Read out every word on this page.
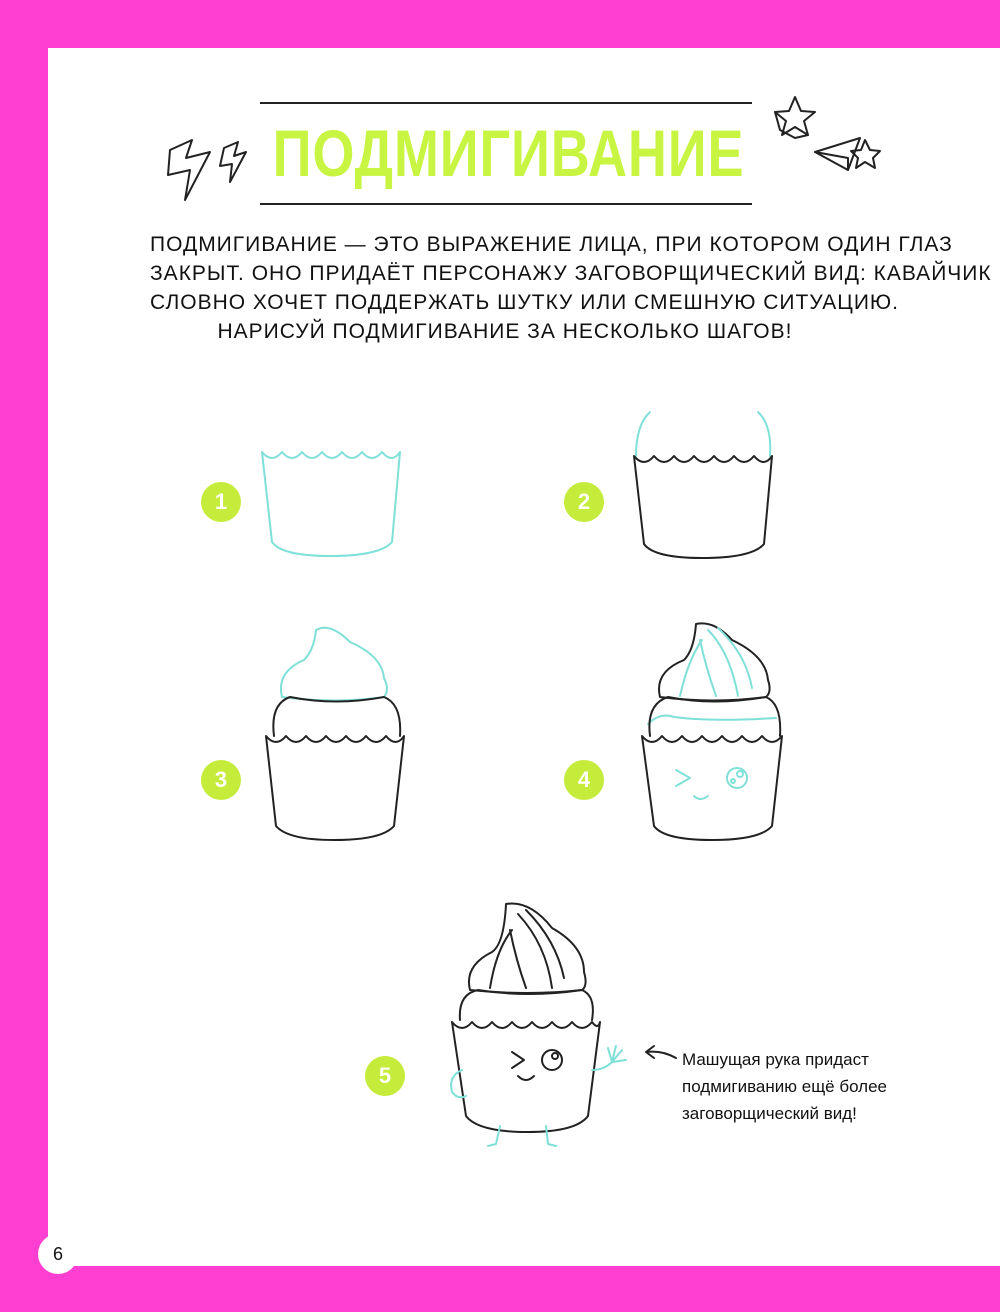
ПОДМИГИВАНИЕ
ПОДМИГИВАНИЕ — ЭТО ВЫРАЖЕНИЕ ЛИЦА, ПРИ КОТОРОМ ОДИН ГЛАЗ
ЗАКРЫТ. ОНО ПРИДАЁТ ПЕРСОНАЖУ ЗАГОВОРЩИЧЕСКИЙ ВИД: КАВАЙЧИК
СЛОВНО ХОЧЕТ ПОДДЕРЖАТЬ ШУТКУ ИЛИ СМЕШНУЮ СИТУАЦИЮ.
НАРИСУЙ ПОДМИГИВАНИЕ ЗА НЕСКОЛЬКО ШАГОВ!
1	2
3	4
5
Машущая рука придаст
подмигиванию ещё более
заговорщический вид!
6
